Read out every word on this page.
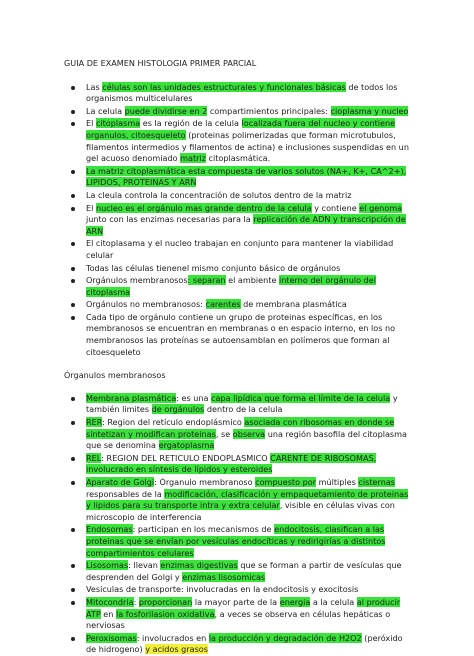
GUIA DE EXAMEN HISTOLOGIA PRIMER PARCIAL
Las células son las unidades estructurales y funcionales básicas de todos los organismos multicelulares
La celula puede dividirse en 2 compartimientos principales: cioplasma y nucleo
El citoplasma es la región de la celula localizada fuera del nucleo y contiene organulos, citoesqueleto (proteinas polimerizadas que forman microtubulos, filamentos intermedios y filamentos de actina) e inclusiones suspendidas en un gel acuoso denomiado matriz citoplasmática.
La matriz citoplasmática esta compuesta de varios solutos (NA+, K+, CA^2+), LIPIDOS, PROTEINAS Y ARN
La cleula controla la concentración de solutos dentro de la matriz
El nucleo es el orgánulo mas grande dentro de la celula y contiene el genoma junto con las enzimas necesarias para la replicación de ADN y transcripción de ARN
El citoplasama y el nucleo trabajan en conjunto para mantener la viabilidad celular
Todas las células tienenel mismo conjunto básico de orgánulos
Orgánulos membranosos: separan el ambiente interno del orgánulo del citoplasma
Orgánulos no membranosos: carentes de membrana plasmática
Cada tipo de orgánulo contiene un grupo de proteinas específicas, en los membranosos se encuentran en membranas o en espacio interno, en los no membranosos las proteínas se autoensamblan en polímeros que forman al citoesqueleto
Órganulos membranosos
Membrana plasmática: es una capa lipídica que forma el límite de la celula y también limites de orgánulos dentro de la celula
RER: Region del retículo endoplásmico asociada con ribosomas en donde se sintetizan y modifican proteinas, se observa una región basofila del citoplasma que se denomina ergatoplasma
REL: REGION DEL RETICULO ENDOPLASMICO CARENTE DE RIBOSOMAS, involucrado en síntesis de lípidos y esteroides
Aparato de Golgi: Órganulo membranoso compuesto por múltiples cisternas responsables de la modificación, clasificación y empaquetamiento de proteinas y lipidos para su transporte intra y extra celular, visible en células vivas con microscopio de interferencia
Endosomas: participan en los mecanismos de endocitosis, clasifican a las proteinas que se envían por vesículas endocíticas y redirigirías a distintos compartimientos celulares
Lisosomas: llevan enzimas digestivas que se forman a partir de vesículas que desprenden del Golgi y enzimas lisosomicas
Vesiculas de transporte: involucradas en la endocitosis y exocitosis
Mitocondria: proporcionan la mayor parte de la energia a la celula al producir ATP en la fosforilasion oxidativa, a veces se observa en células hepáticas o nerviosas
Peroxisomas: involucrados en la producción y degradación de H2O2 (peróxido de hidrogeno) y acidos grasos
